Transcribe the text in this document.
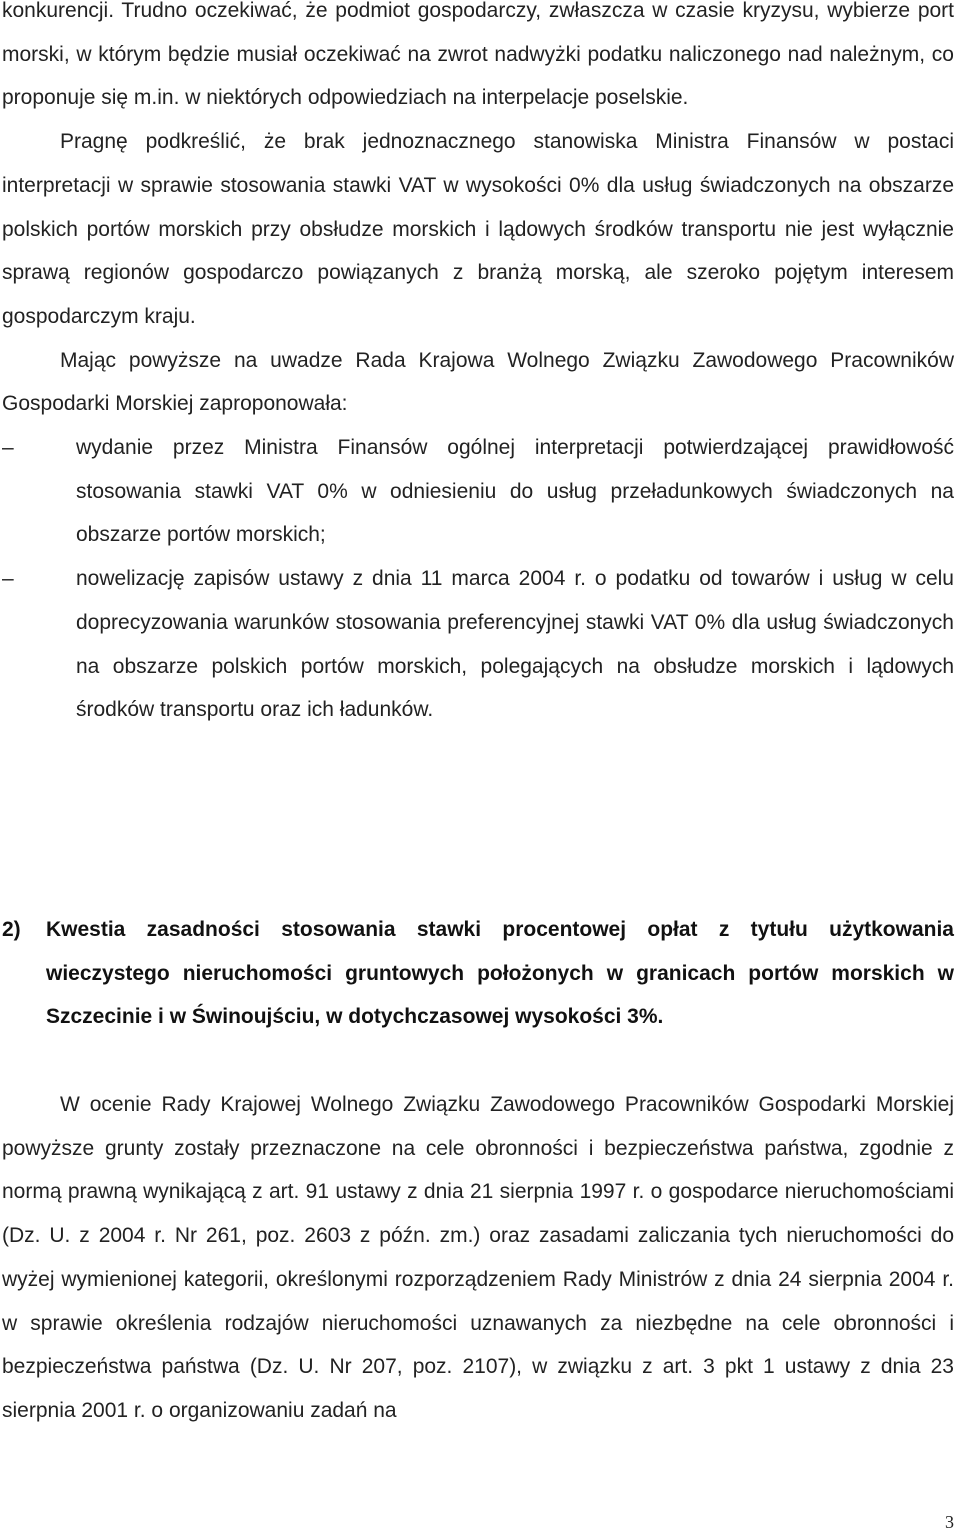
konkurencji. Trudno oczekiwać, że podmiot gospodarczy, zwłaszcza w czasie kryzysu, wybierze port morski, w którym będzie musiał oczekiwać na zwrot nadwyżki podatku naliczonego nad należnym, co proponuje się m.in. w niektórych odpowiedziach na interpelacje poselskie.

Pragnę podkreślić, że brak jednoznacznego stanowiska Ministra Finansów w postaci interpretacji w sprawie stosowania stawki VAT w wysokości 0% dla usług świadczonych na obszarze polskich portów morskich przy obsłudze morskich i lądowych środków transportu nie jest wyłącznie sprawą regionów gospodarczo powiązanych z branżą morską, ale szeroko pojętym interesem gospodarczym kraju.

Mając powyższe na uwadze Rada Krajowa Wolnego Związku Zawodowego Pracowników Gospodarki Morskiej zaproponowała:

–	wydanie przez Ministra Finansów ogólnej interpretacji potwierdzającej prawidłowość stosowania stawki VAT 0% w odniesieniu do usług przeładunkowych świadczonych na obszarze portów morskich;
–	nowelizację zapisów ustawy z dnia 11 marca 2004 r. o podatku od towarów i usług w celu doprecyzowania warunków stosowania preferencyjnej stawki VAT 0% dla usług świadczonych na obszarze polskich portów morskich, polegających na obsłudze morskich i lądowych środków transportu oraz ich ładunków.
2)	Kwestia zasadności stosowania stawki procentowej opłat z tytułu użytkowania wieczystego nieruchomości gruntowych położonych w granicach portów morskich w Szczecinie i w Świnoujściu, w dotychczasowej wysokości 3%.

W ocenie Rady Krajowej Wolnego Związku Zawodowego Pracowników Gospodarki Morskiej powyższe grunty zostały przeznaczone na cele obronności i bezpieczeństwa państwa, zgodnie z normą prawną wynikającą z art. 91 ustawy z dnia 21 sierpnia 1997 r. o gospodarce nieruchomościami (Dz. U. z 2004 r. Nr 261, poz. 2603 z późn. zm.) oraz zasadami zaliczania tych nieruchomości do wyżej wymienionej kategorii, określonymi rozporządzeniem Rady Ministrów z dnia 24 sierpnia 2004 r. w sprawie określenia rodzajów nieruchomości uznawanych za niezbędne na cele obronności i bezpieczeństwa państwa (Dz. U. Nr 207, poz. 2107), w związku z art. 3 pkt 1 ustawy z dnia 23 sierpnia 2001 r. o organizowaniu zadań na

3
